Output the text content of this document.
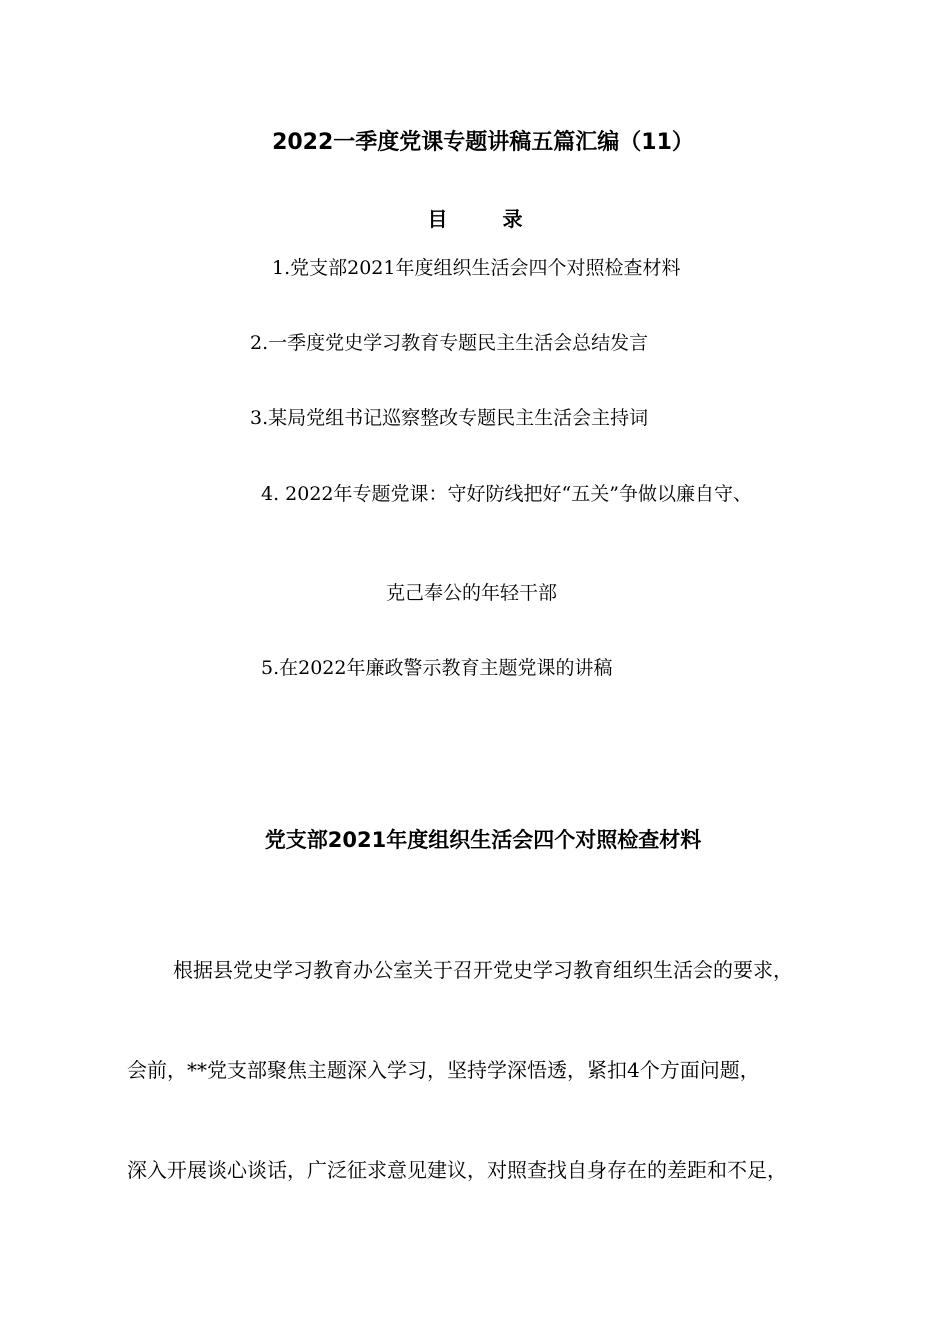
2022一季度党课专题讲稿五篇汇编（11）
目 录
1.党支部2021年度组织生活会四个对照检查材料
2.一季度党史学习教育专题民主生活会总结发言
3.某局党组书记巡察整改专题民主生活会主持词
4. 2022年专题党课：守好防线把好“五关”争做以廉自守、
克己奉公的年轻干部
5.在2022年廉政警示教育主题党课的讲稿
党支部2021年度组织生活会四个对照检查材料
根据县党史学习教育办公室关于召开党史学习教育组织生活会的要求，
会前，**党支部聚焦主题深入学习，坚持学深悟透，紧扣4个方面问题，
深入开展谈心谈话，广泛征求意见建议，对照查找自身存在的差距和不足，
